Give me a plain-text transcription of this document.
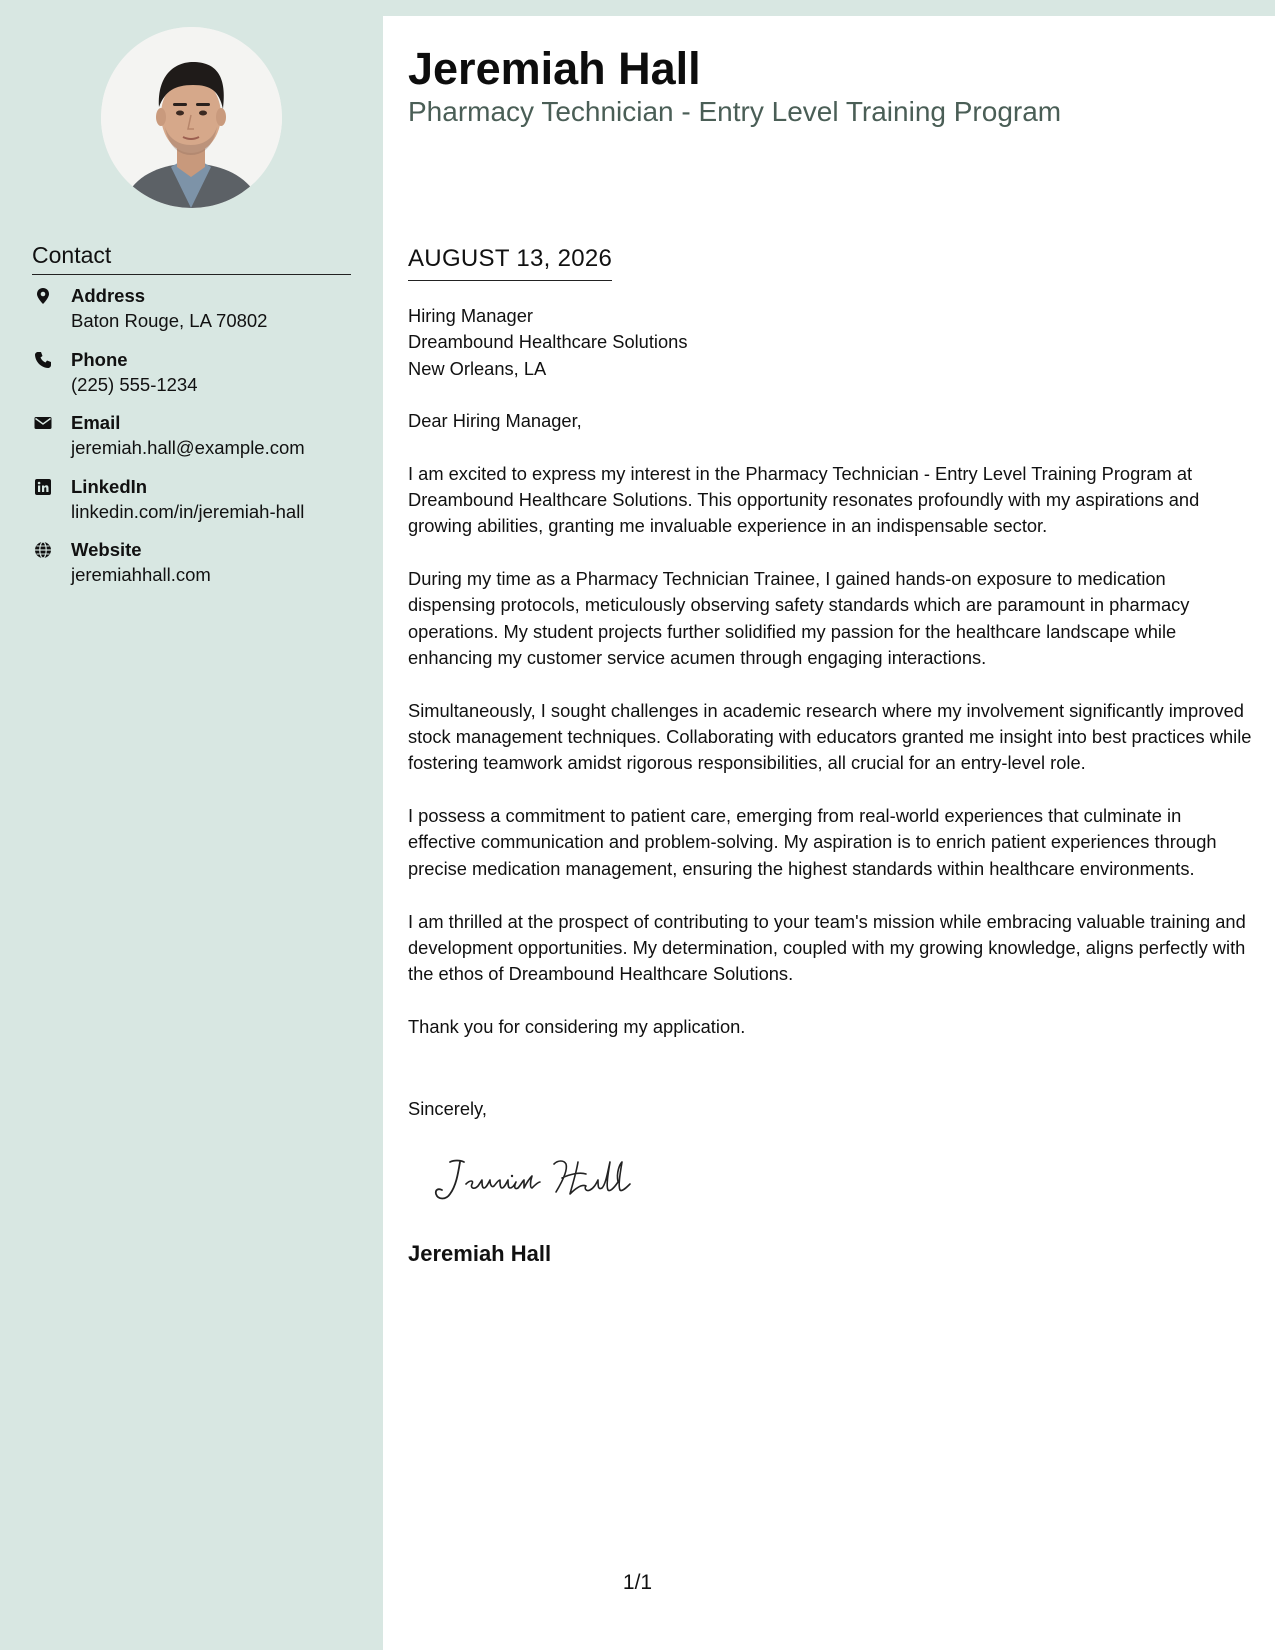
Contact
Address
Baton Rouge, LA 70802
Phone
(225) 555-1234
Email
jeremiah.hall@example.com
LinkedIn
linkedin.com/in/jeremiah-hall
Website
jeremiahhall.com
Jeremiah Hall
Pharmacy Technician - Entry Level Training Program
AUGUST 13, 2026

Hiring Manager
Dreambound Healthcare Solutions
New Orleans, LA

Dear Hiring Manager,

I am excited to express my interest in the Pharmacy Technician - Entry Level Training Program at Dreambound Healthcare Solutions. This opportunity resonates profoundly with my aspirations and growing abilities, granting me invaluable experience in an indispensable sector.

During my time as a Pharmacy Technician Trainee, I gained hands-on exposure to medication dispensing protocols, meticulously observing safety standards which are paramount in pharmacy operations. My student projects further solidified my passion for the healthcare landscape while enhancing my customer service acumen through engaging interactions.

Simultaneously, I sought challenges in academic research where my involvement significantly improved stock management techniques. Collaborating with educators granted me insight into best practices while fostering teamwork amidst rigorous responsibilities, all crucial for an entry-level role.

I possess a commitment to patient care, emerging from real-world experiences that culminate in effective communication and problem-solving. My aspiration is to enrich patient experiences through precise medication management, ensuring the highest standards within healthcare environments.

I am thrilled at the prospect of contributing to your team's mission while embracing valuable training and development opportunities. My determination, coupled with my growing knowledge, aligns perfectly with the ethos of Dreambound Healthcare Solutions.

Thank you for considering my application.

Sincerely,
Jeremiah Hall
1/1
